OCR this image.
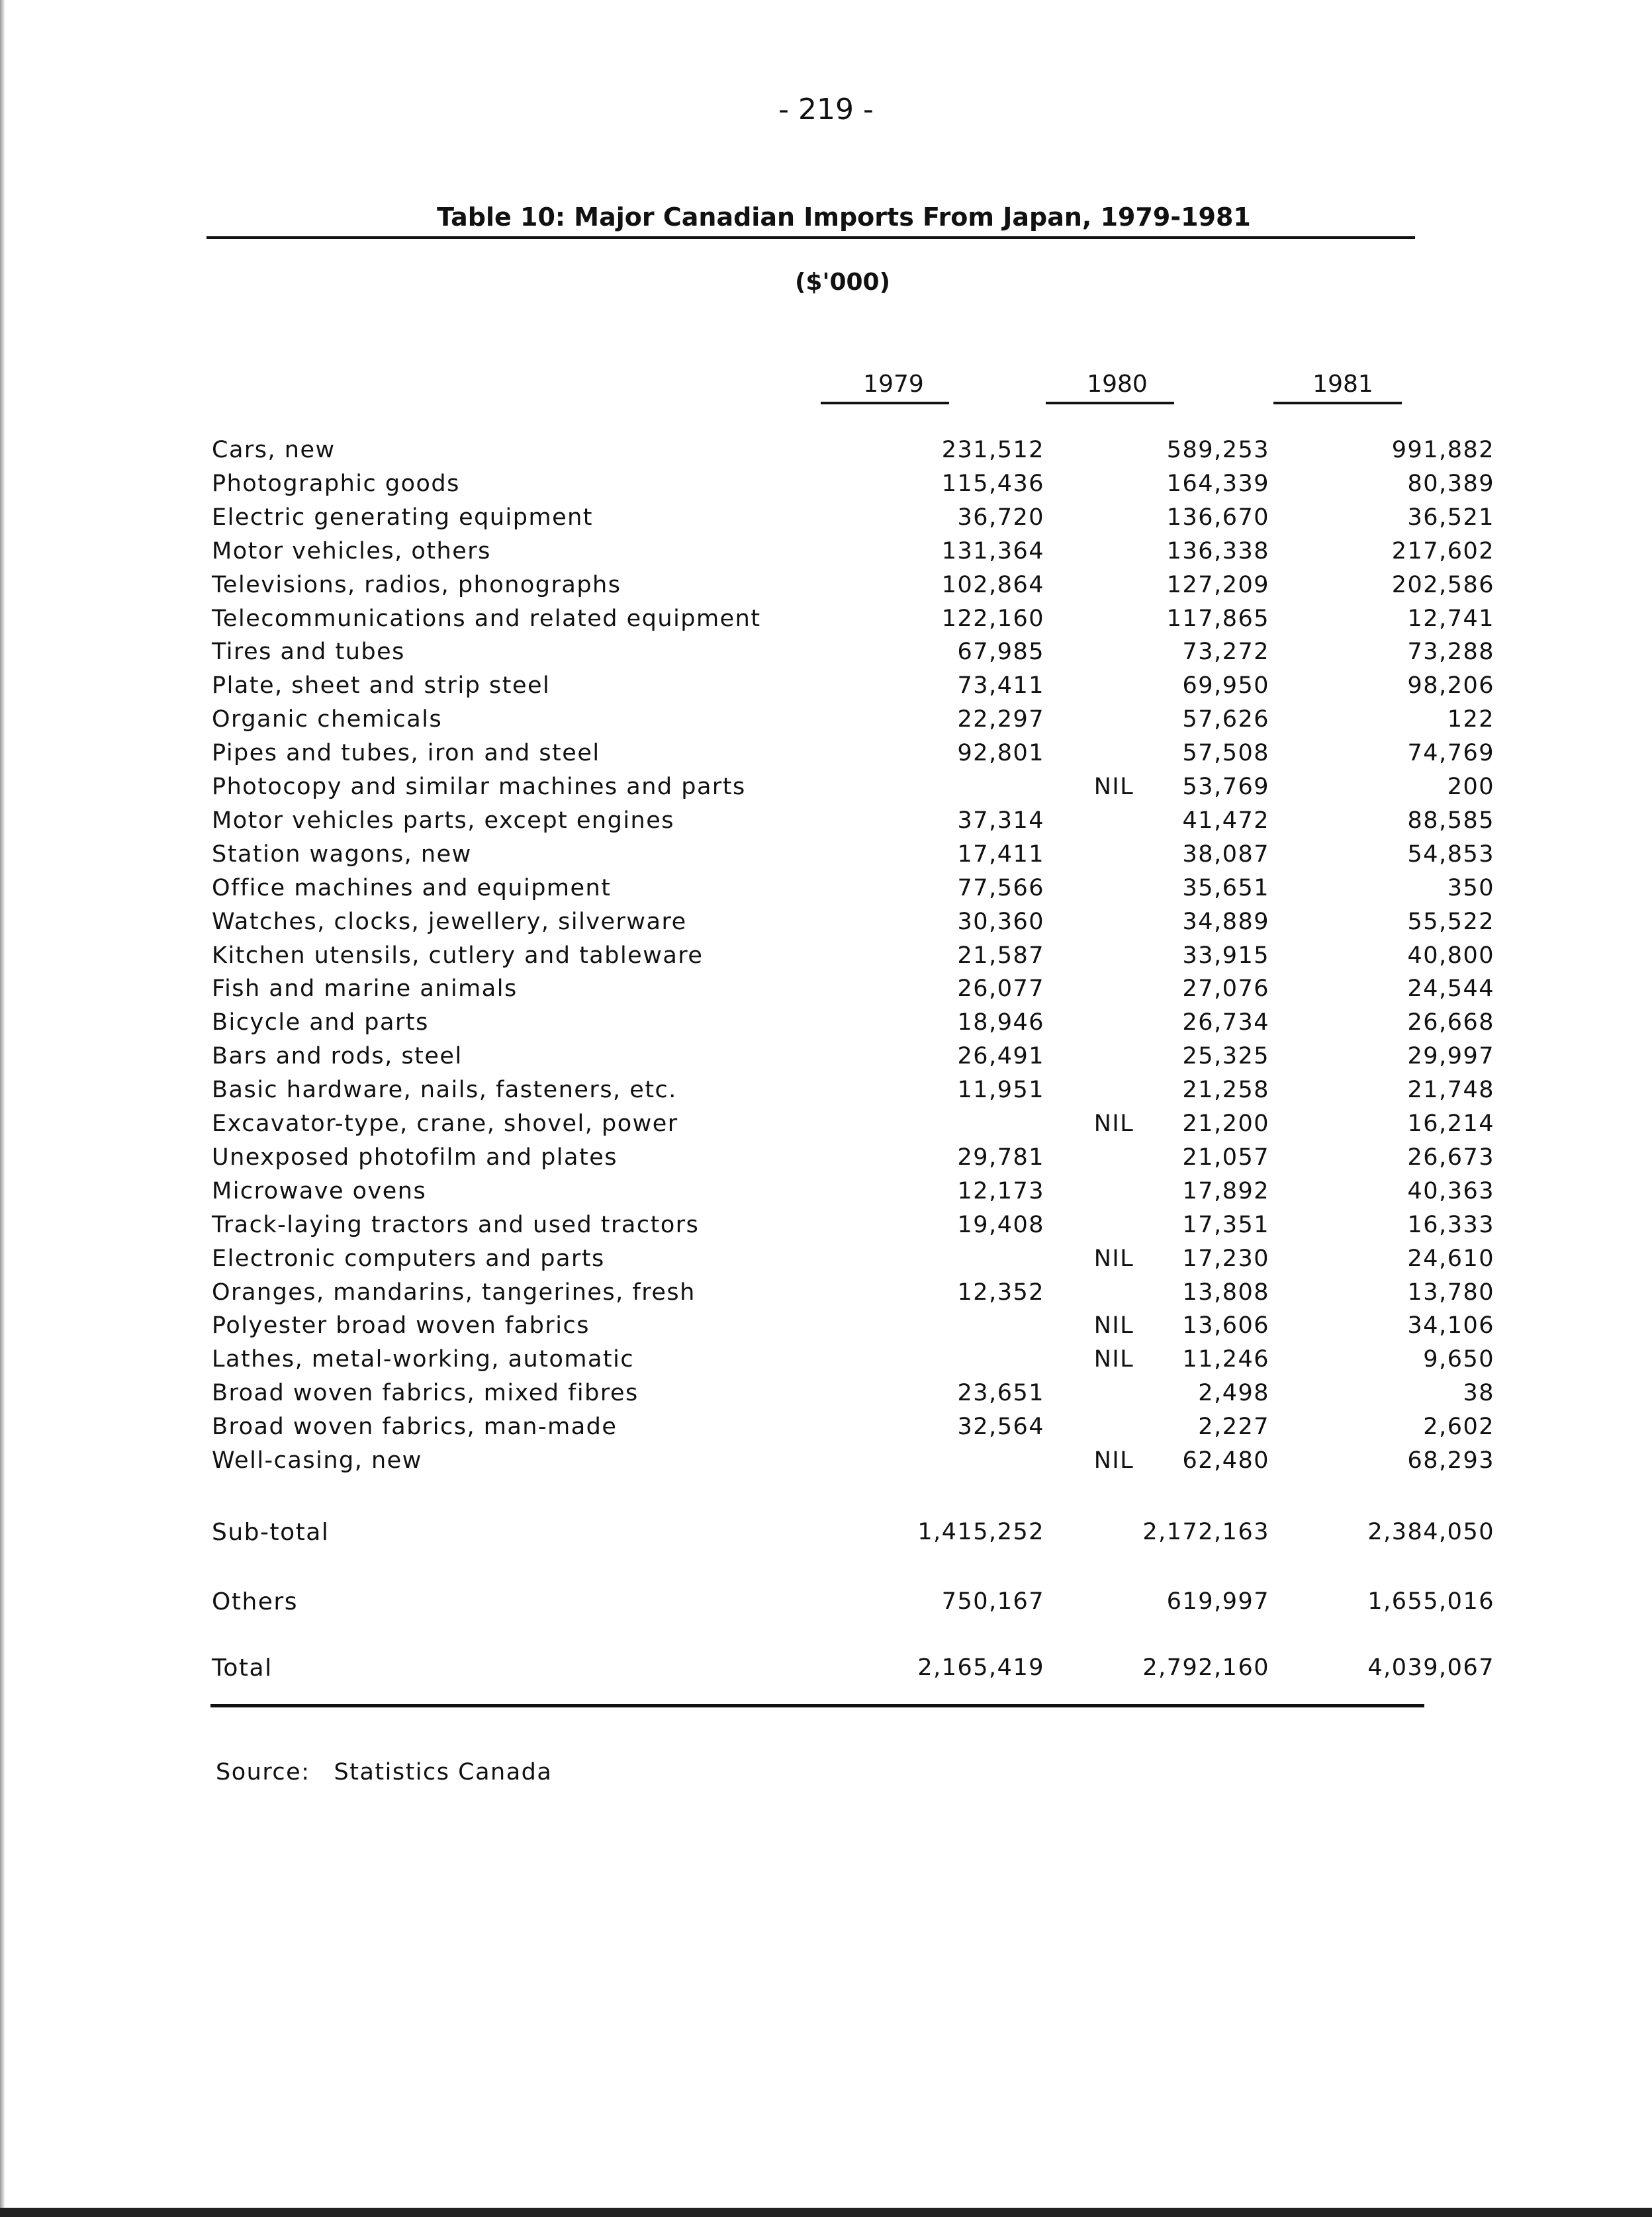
- 219 -
Table 10: Major Canadian Imports From Japan, 1979-1981
($'000)
1979	1980	1981
Cars, new	231,512	589,253	991,882
Photographic goods	115,436	164,339	80,389
Electric generating equipment	36,720	136,670	36,521
Motor vehicles, others	131,364	136,338	217,602
Televisions, radios, phonographs	102,864	127,209	202,586
Telecommunications and related equipment	122,160	117,865	12,741
Tires and tubes	67,985	73,272	73,288
Plate, sheet and strip steel	73,411	69,950	98,206
Organic chemicals	22,297	57,626	122
Pipes and tubes, iron and steel	92,801	57,508	74,769
Photocopy and similar machines and parts	NIL	53,769	200
Motor vehicles parts, except engines	37,314	41,472	88,585
Station wagons, new	17,411	38,087	54,853
Office machines and equipment	77,566	35,651	350
Watches, clocks, jewellery, silverware	30,360	34,889	55,522
Kitchen utensils, cutlery and tableware	21,587	33,915	40,800
Fish and marine animals	26,077	27,076	24,544
Bicycle and parts	18,946	26,734	26,668
Bars and rods, steel	26,491	25,325	29,997
Basic hardware, nails, fasteners, etc.	11,951	21,258	21,748
Excavator-type, crane, shovel, power	NIL	21,200	16,214
Unexposed photofilm and plates	29,781	21,057	26,673
Microwave ovens	12,173	17,892	40,363
Track-laying tractors and used tractors	19,408	17,351	16,333
Electronic computers and parts	NIL	17,230	24,610
Oranges, mandarins, tangerines, fresh	12,352	13,808	13,780
Polyester broad woven fabrics	NIL	13,606	34,106
Lathes, metal-working, automatic	NIL	11,246	9,650
Broad woven fabrics, mixed fibres	23,651	2,498	38
Broad woven fabrics, man-made	32,564	2,227	2,602
Well-casing, new	NIL	62,480	68,293
Sub-total	1,415,252	2,172,163	2,384,050
Others	750,167	619,997	1,655,016
Total	2,165,419	2,792,160	4,039,067
Source: Statistics Canada
